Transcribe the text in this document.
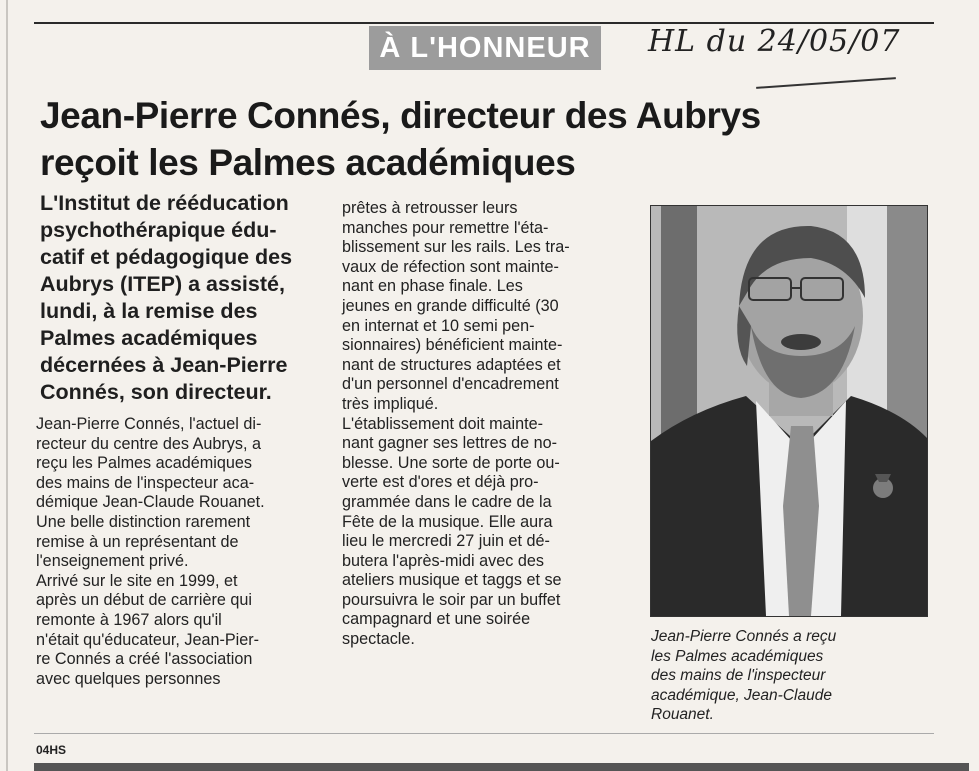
À L'HONNEUR	HL du 24/05/07
Jean-Pierre Connés, directeur des Aubrys
reçoit les Palmes académiques
L'Institut de rééducation
psychothérapique édu-
catif et pédagogique des
Aubrys (ITEP) a assisté,
lundi, à la remise des
Palmes académiques
décernées à Jean-Pierre
Connés, son directeur.
Jean-Pierre Connés, l'actuel di-
recteur du centre des Aubrys, a
reçu les Palmes académiques
des mains de l'inspecteur aca-
démique Jean-Claude Rouanet.
Une belle distinction rarement
remise à un représentant de
l'enseignement privé.
Arrivé sur le site en 1999, et
après un début de carrière qui
remonte à 1967 alors qu'il
n'était qu'éducateur, Jean-Pier-
re Connés a créé l'association
avec quelques personnes
prêtes à retrousser leurs
manches pour remettre l'éta-
blissement sur les rails. Les tra-
vaux de réfection sont mainte-
nant en phase finale. Les
jeunes en grande difficulté (30
en internat et 10 semi pen-
sionnaires) bénéficient mainte-
nant de structures adaptées et
d'un personnel d'encadrement
très impliqué.
L'établissement doit mainte-
nant gagner ses lettres de no-
blesse. Une sorte de porte ou-
verte est d'ores et déjà pro-
grammée dans le cadre de la
Fête de la musique. Elle aura
lieu le mercredi 27 juin et dé-
butera l'après-midi avec des
ateliers musique et taggs et se
poursuivra le soir par un buffet
campagnard et une soirée
spectacle.	Jean-Pierre Connés a reçu
les Palmes académiques
des mains de l'inspecteur
académique, Jean-Claude
Rouanet.
04HS
